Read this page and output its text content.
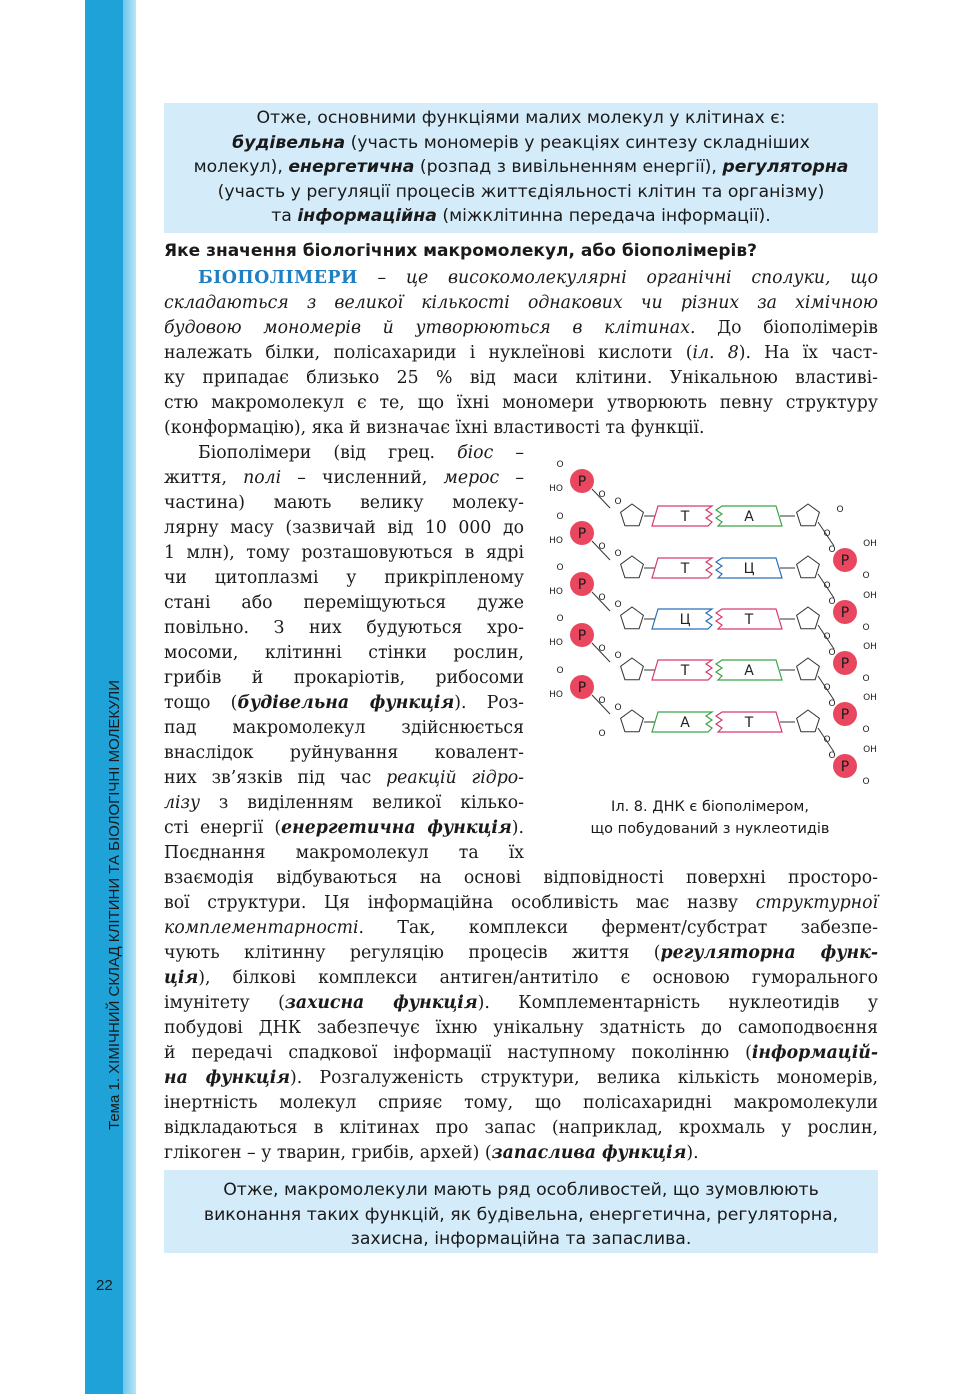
Тема 1. ХІМІЧНИЙ СКЛАД КЛІТИНИ ТА БІОЛОГІЧНІ МОЛЕКУЛИ
22
Отже, основними функціями малих молекул у клітинах є:
будівельна (участь мономерів у реакціях синтезу складніших
молекул), енергетична (розпад з вивільненням енергії), регуляторна
(участь у регуляції процесів життєдіяльності клітин та організму)
та інформаційна (міжклітинна передача інформації).
Яке значення біологічних макромолекул, або біополімерів?
БІОПОЛІМЕРИ – це високомолекулярні органічні сполуки, що
складаються з великої кількості однакових чи різних за хімічною
будовою мономерів й утворюються в клітинах. До біополімерів
належать білки, полісахариди і нуклеїнові кислоти (іл. 8). На їх част-
ку припадає близько 25 % від маси клітини. Унікальною властиві-
стю макромолекул є те, що їхні мономери утворюють певну структуру
(конформацію), яка й визначає їхні властивості та функції.
Біополімери (від грец. біос –
життя, полі – численний, мерос –
частина) мають велику молеку-
лярну масу (зазвичай від 10 000 до
1 млн), тому розташовуються в ядрі
чи цитоплазмі у прикріпленому
стані або переміщуються дуже
повільно. З них будуються хро-
мосоми, клітинні стінки рослин,
грибів й прокаріотів, рибосоми
тощо (будівельна функція). Роз-
пад макромолекул здійснюється
внаслідок руйнування ковалент-
них зв’язків під час реакцій гідро-
лізу з виділенням великої кілько-
сті енергії (енергетична функція).
Поєднання макромолекул та їх
O
HO
O
P
O
Т	А
O
O
P
OH
O
O
HO
O
P
O
Т	Ц
O
O
P
OH
O
O
HO
O
P
O
Ц	Т
O
O
P
OH
O
O
HO
O
P
O
Т	А
O
O
P
OH
O
O
HO
O
P
O
А	Т
O
O
P
OH
O
O
O
Іл. 8. ДНК є біополімером,
що побудований з нуклеотидів
взаємодія відбуваються на основі відповідності поверхні просторо-
вої структури. Ця інформаційна особливість має назву структурної
комплементарності. Так, комплекси фермент/субстрат забезпе-
чують клітинну регуляцію процесів життя (регуляторна функ-
ція), білкові комплекси антиген/антитіло є основою гуморального
імунітету (захисна функція). Комплементарність нуклеотидів у
побудові ДНК забезпечує їхню унікальну здатність до самоподвоєння
й передачі спадкової інформації наступному поколінню (інформацій-
на функція). Розгалуженість структури, велика кількість мономерів,
інертність молекул сприяє тому, що полісахаридні макромолекули
відкладаються в клітинах про запас (наприклад, крохмаль у рослин,
глікоген – у тварин, грибів, архей) (запаслива функція).
Отже, макромолекули мають ряд особливостей, що зумовлюють
виконання таких функцій, як будівельна, енергетична, регуляторна,
захисна, інформаційна та запаслива.
